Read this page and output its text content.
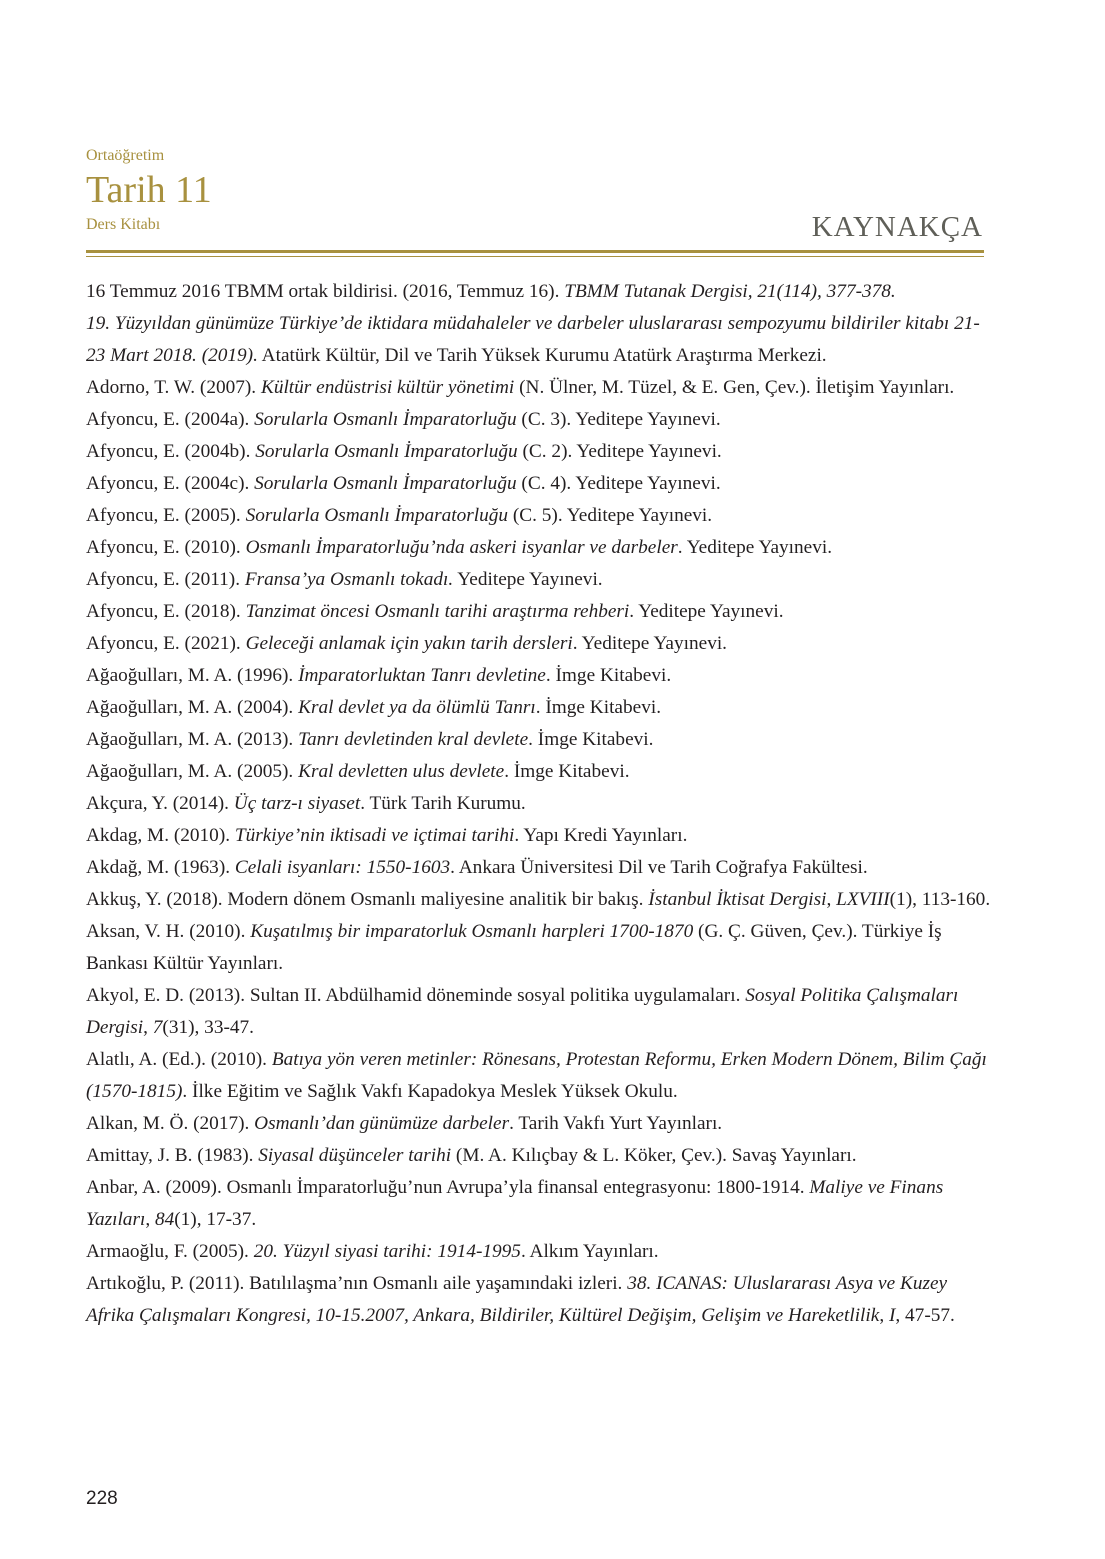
Ortaöğretim
Tarih 11
Ders Kitabı	KAYNAKÇA

16 Temmuz 2016 TBMM ortak bildirisi. (2016, Temmuz 16). TBMM Tutanak Dergisi, 21(114), 377-378.

19. Yüzyıldan günümüze Türkiye’de iktidara müdahaleler ve darbeler uluslararası sempozyumu bildiriler kitabı 21-23 Mart 2018. (2019). Atatürk Kültür, Dil ve Tarih Yüksek Kurumu Atatürk Araştırma Merkezi.

Adorno, T. W. (2007). Kültür endüstrisi kültür yönetimi (N. Ülner, M. Tüzel, & E. Gen, Çev.). İletişim Yayınları.

Afyoncu, E. (2004a). Sorularla Osmanlı İmparatorluğu (C. 3). Yeditepe Yayınevi.

Afyoncu, E. (2004b). Sorularla Osmanlı İmparatorluğu (C. 2). Yeditepe Yayınevi.

Afyoncu, E. (2004c). Sorularla Osmanlı İmparatorluğu (C. 4). Yeditepe Yayınevi.

Afyoncu, E. (2005). Sorularla Osmanlı İmparatorluğu (C. 5). Yeditepe Yayınevi.

Afyoncu, E. (2010). Osmanlı İmparatorluğu’nda askeri isyanlar ve darbeler. Yeditepe Yayınevi.

Afyoncu, E. (2011). Fransa’ya Osmanlı tokadı. Yeditepe Yayınevi.

Afyoncu, E. (2018). Tanzimat öncesi Osmanlı tarihi araştırma rehberi. Yeditepe Yayınevi.

Afyoncu, E. (2021). Geleceği anlamak için yakın tarih dersleri. Yeditepe Yayınevi.

Ağaoğulları, M. A. (1996). İmparatorluktan Tanrı devletine. İmge Kitabevi.

Ağaoğulları, M. A. (2004). Kral devlet ya da ölümlü Tanrı. İmge Kitabevi.

Ağaoğulları, M. A. (2013). Tanrı devletinden kral devlete. İmge Kitabevi.

Ağaoğulları, M. A. (2005). Kral devletten ulus devlete. İmge Kitabevi.

Akçura, Y. (2014). Üç tarz-ı siyaset. Türk Tarih Kurumu.

Akdag, M. (2010). Türkiye’nin iktisadi ve içtimai tarihi. Yapı Kredi Yayınları.

Akdağ, M. (1963). Celali isyanları: 1550-1603. Ankara Üniversitesi Dil ve Tarih Coğrafya Fakültesi.

Akkuş, Y. (2018). Modern dönem Osmanlı maliyesine analitik bir bakış. İstanbul İktisat Dergisi, LXVIII(1), 113-160.

Aksan, V. H. (2010). Kuşatılmış bir imparatorluk Osmanlı harpleri 1700-1870 (G. Ç. Güven, Çev.). Türkiye İş Bankası Kültür Yayınları.

Akyol, E. D. (2013). Sultan II. Abdülhamid döneminde sosyal politika uygulamaları. Sosyal Politika Çalışmaları Dergisi, 7(31), 33-47.

Alatlı, A. (Ed.). (2010). Batıya yön veren metinler: Rönesans, Protestan Reformu, Erken Modern Dönem, Bilim Çağı (1570-1815). İlke Eğitim ve Sağlık Vakfı Kapadokya Meslek Yüksek Okulu.

Alkan, M. Ö. (2017). Osmanlı’dan günümüze darbeler. Tarih Vakfı Yurt Yayınları.

Amittay, J. B. (1983). Siyasal düşünceler tarihi (M. A. Kılıçbay & L. Köker, Çev.). Savaş Yayınları.

Anbar, A. (2009). Osmanlı İmparatorluğu’nun Avrupa’yla finansal entegrasyonu: 1800-1914. Maliye ve Finans Yazıları, 84(1), 17-37.

Armaoğlu, F. (2005). 20. Yüzyıl siyasi tarihi: 1914-1995. Alkım Yayınları.

Artıkoğlu, P. (2011). Batılılaşma’nın Osmanlı aile yaşamındaki izleri. 38. ICANAS: Uluslararası Asya ve Kuzey Afrika Çalışmaları Kongresi, 10-15.2007, Ankara, Bildiriler, Kültürel Değişim, Gelişim ve Hareketlilik, I, 47-57.

228
